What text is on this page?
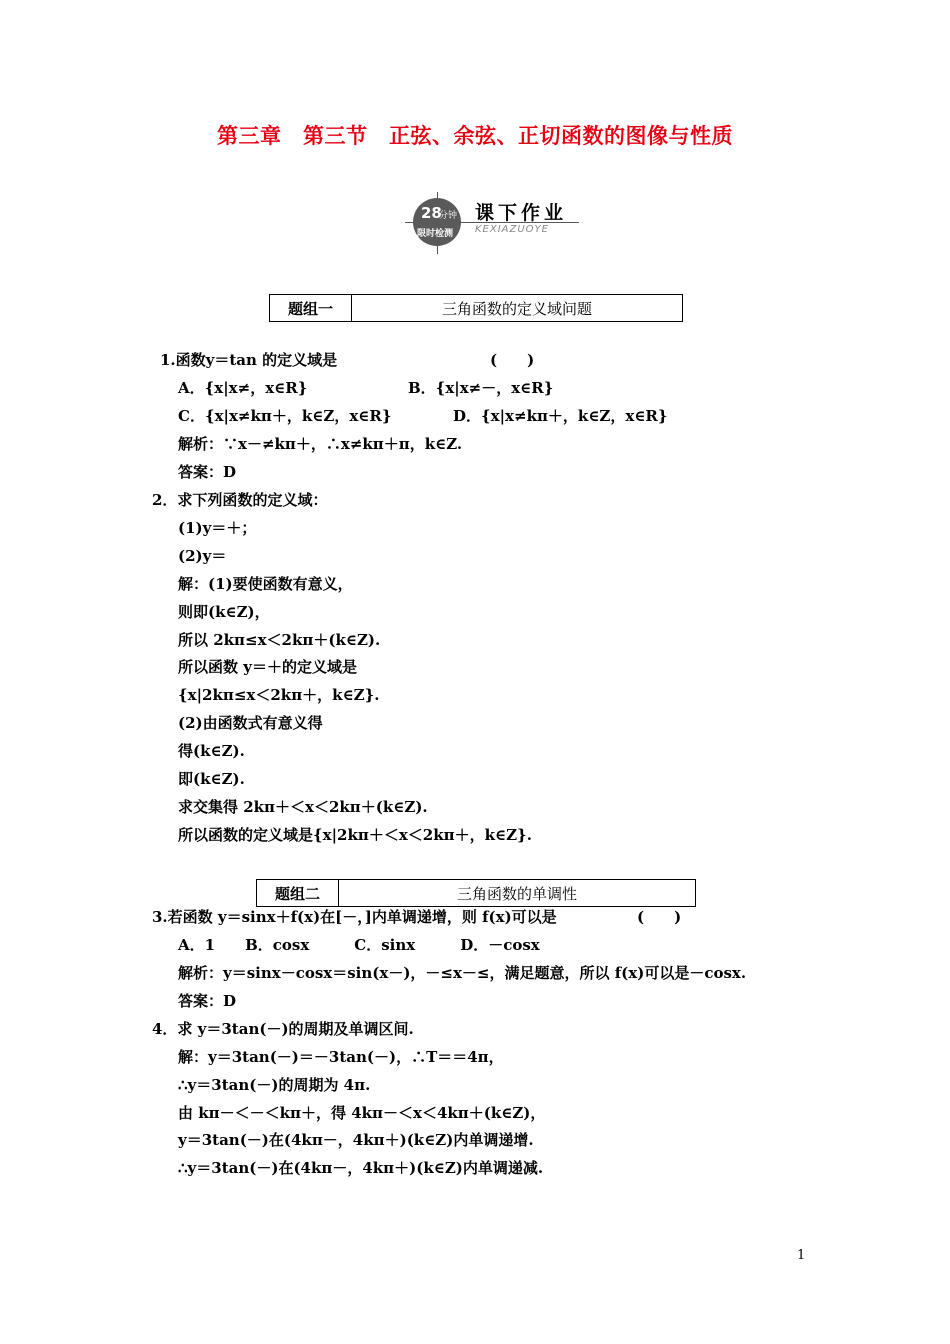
第三章　第三节　正弦、余弦、正切函数的图像与性质
28
分钟
限时检测
课下作业
KEXIAZUOYE
题组一	三角函数的定义域问题
1.函数y＝tan 的定义域是	(　　)
A．{x|x≠，x∈R}	B．{x|x≠－，x∈R}
C．{x|x≠kπ＋，k∈Z，x∈R}	D．{x|x≠kπ＋，k∈Z，x∈R}
解析：∵x－≠kπ＋，∴x≠kπ＋π，k∈Z.
答案：D
2．求下列函数的定义域：
(1)y＝＋；
(2)y＝
解：(1)要使函数有意义，
则即(k∈Z)，
所以 2kπ≤x＜2kπ＋(k∈Z).
所以函数 y＝＋的定义域是
{x|2kπ≤x＜2kπ＋，k∈Z}.
(2)由函数式有意义得
得(k∈Z).
即(k∈Z).
求交集得 2kπ＋＜x＜2kπ＋(k∈Z).
所以函数的定义域是{x|2kπ＋＜x＜2kπ＋，k∈Z}.
题组二	三角函数的单调性
3.若函数 y＝sinx＋f(x)在[－，]内单调递增，则 f(x)可以是	(　　)
A．1　　B．cosx　　　C．sinx　　　D．－cosx
解析：y＝sinx－cosx＝sin(x－)，－≤x－≤，满足题意，所以 f(x)可以是－cosx.
答案：D
4．求 y＝3tan(－)的周期及单调区间.
解：y＝3tan(－)＝－3tan(－)，∴T＝＝4π，
∴y＝3tan(－)的周期为 4π.
由 kπ－＜－＜kπ＋，得 4kπ－＜x＜4kπ＋(k∈Z)，
y＝3tan(－)在(4kπ－，4kπ＋)(k∈Z)内单调递增.
∴y＝3tan(－)在(4kπ－，4kπ＋)(k∈Z)内单调递减.
1
